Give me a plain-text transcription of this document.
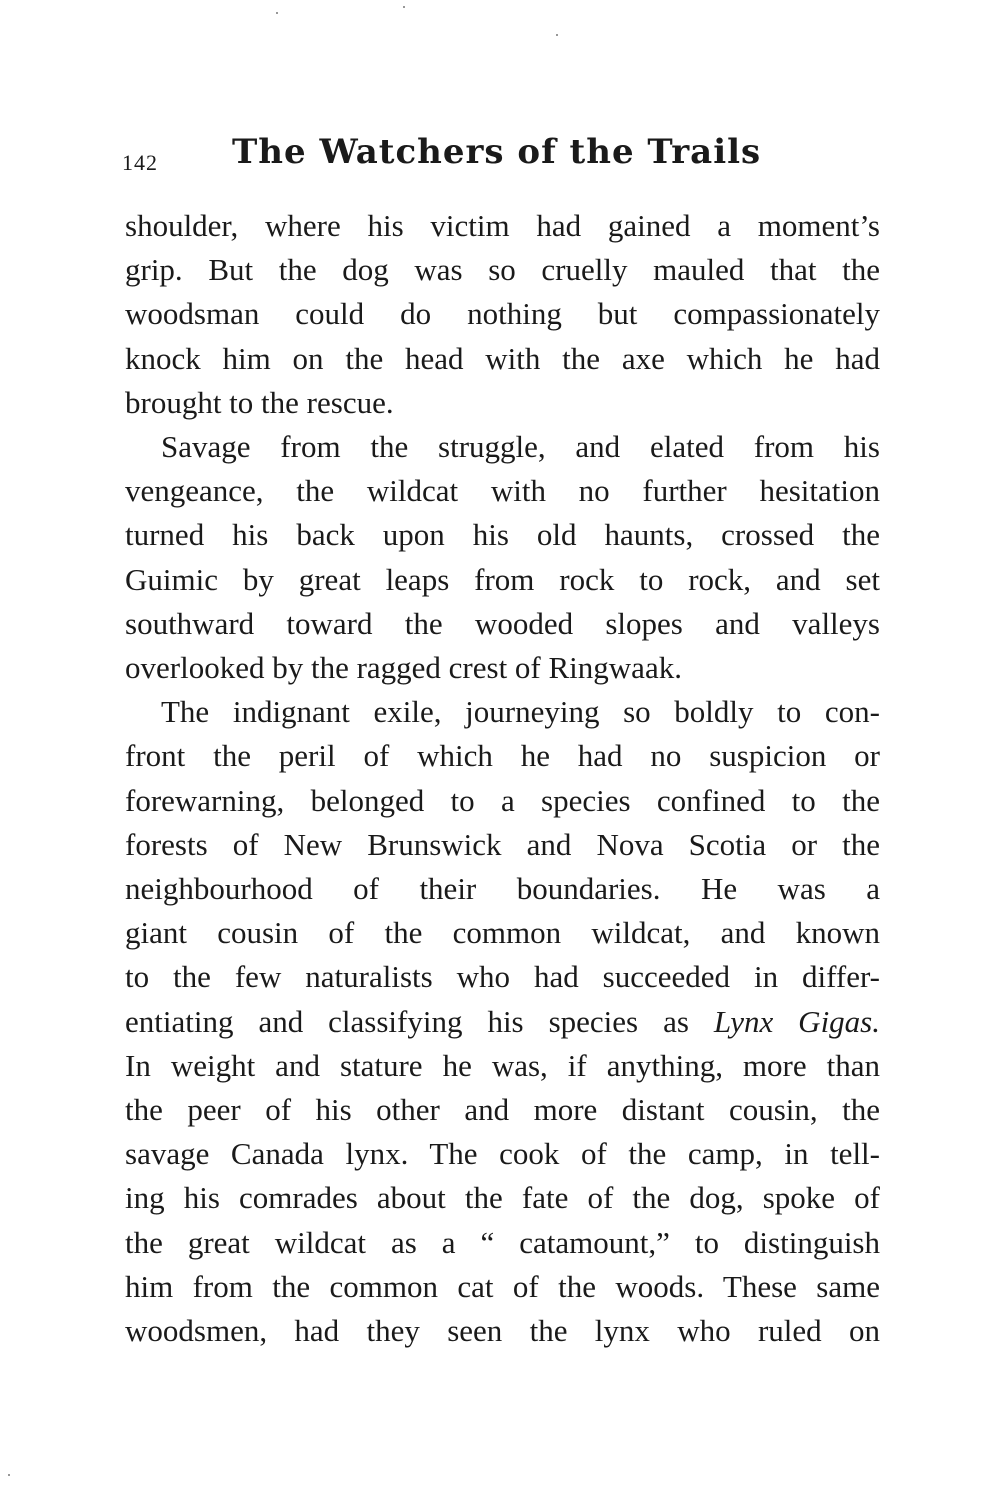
142 The Watchers of the Trails
shoulder, where his victim had gained a moment’s
grip. But the dog was so cruelly mauled that the
woodsman could do nothing but compassionately
knock him on the head with the axe which he had
brought to the rescue.
Savage from the struggle, and elated from his
vengeance, the wildcat with no further hesitation
turned his back upon his old haunts, crossed the
Guimic by great leaps from rock to rock, and set
southward toward the wooded slopes and valleys
overlooked by the ragged crest of Ringwaak.
The indignant exile, journeying so boldly to con-
front the peril of which he had no suspicion or
forewarning, belonged to a species confined to the
forests of New Brunswick and Nova Scotia or the
neighbourhood of their boundaries. He was a
giant cousin of the common wildcat, and known
to the few naturalists who had succeeded in differ-
entiating and classifying his species as Lynx Gigas.
In weight and stature he was, if anything, more than
the peer of his other and more distant cousin, the
savage Canada lynx. The cook of the camp, in tell-
ing his comrades about the fate of the dog, spoke of
the great wildcat as a “ catamount,” to distinguish
him from the common cat of the woods. These same
woodsmen, had they seen the lynx who ruled on
